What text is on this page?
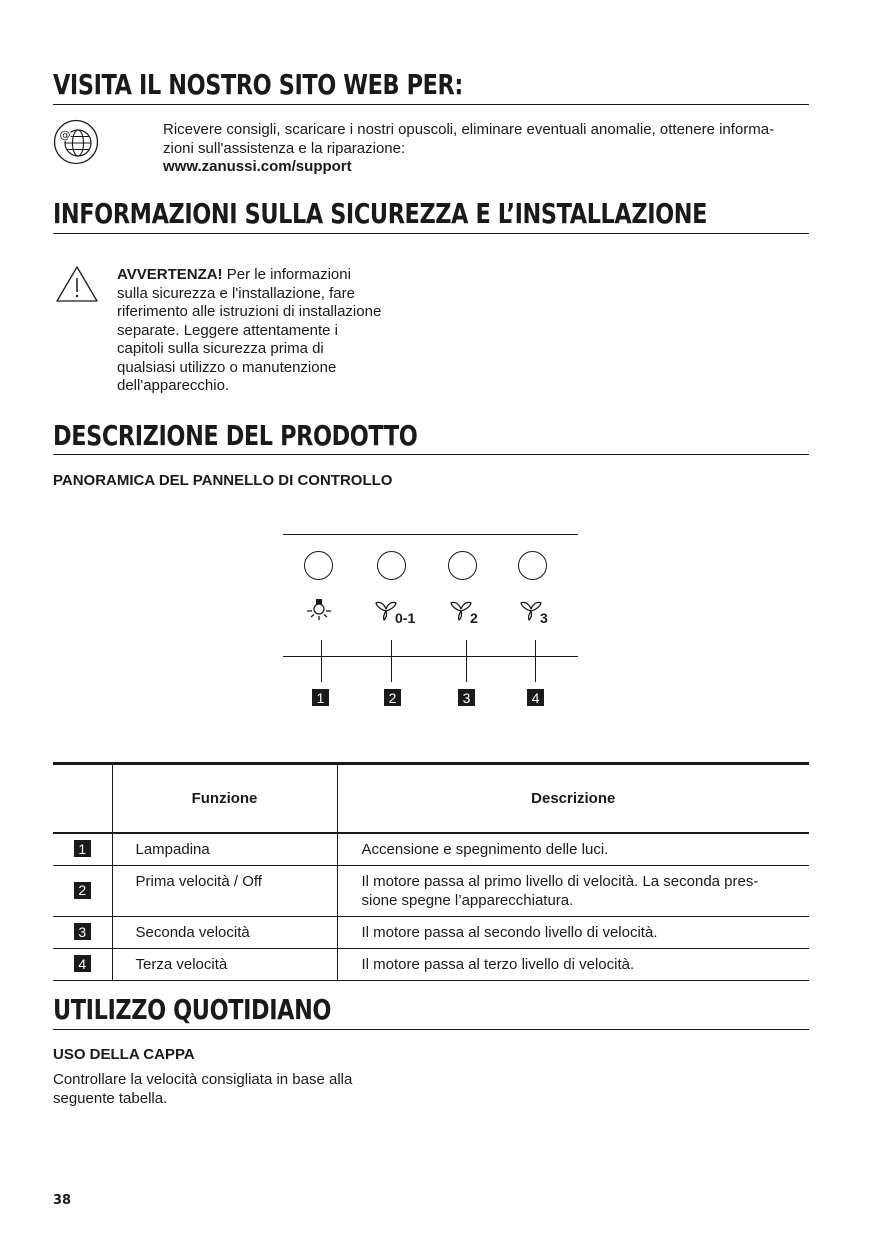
VISITA IL NOSTRO SITO WEB PER:
@	Ricevere consigli, scaricare i nostri opuscoli, eliminare eventuali anomalie, ottenere informa-
zioni sull'assistenza e la riparazione:
www.zanussi.com/support
INFORMAZIONI SULLA SICUREZZA E L’INSTALLAZIONE
AVVERTENZA! Per le informazioni sulla sicurezza e l'installazione, fare riferimento alle istruzioni di installazione separate. Leggere attentamente i capitoli sulla sicurezza prima di qualsiasi utilizzo o manutenzione dell'apparecchio.
DESCRIZIONE DEL PRODOTTO
PANORAMICA DEL PANNELLO DI CONTROLLO
1
0-1
2
2
3
3
4
	Funzione	Descrizione
1	Lampadina	Accensione e spegnimento delle luci.
2	Prima velocità / Off	Il motore passa al primo livello di velocità. La seconda pres-
sione spegne l’apparecchiatura.

3	Seconda velocità	Il motore passa al secondo livello di velocità.
4	Terza velocità	Il motore passa al terzo livello di velocità.
UTILIZZO QUOTIDIANO
USO DELLA CAPPA
Controllare la velocità consigliata in base alla
seguente tabella.
38
